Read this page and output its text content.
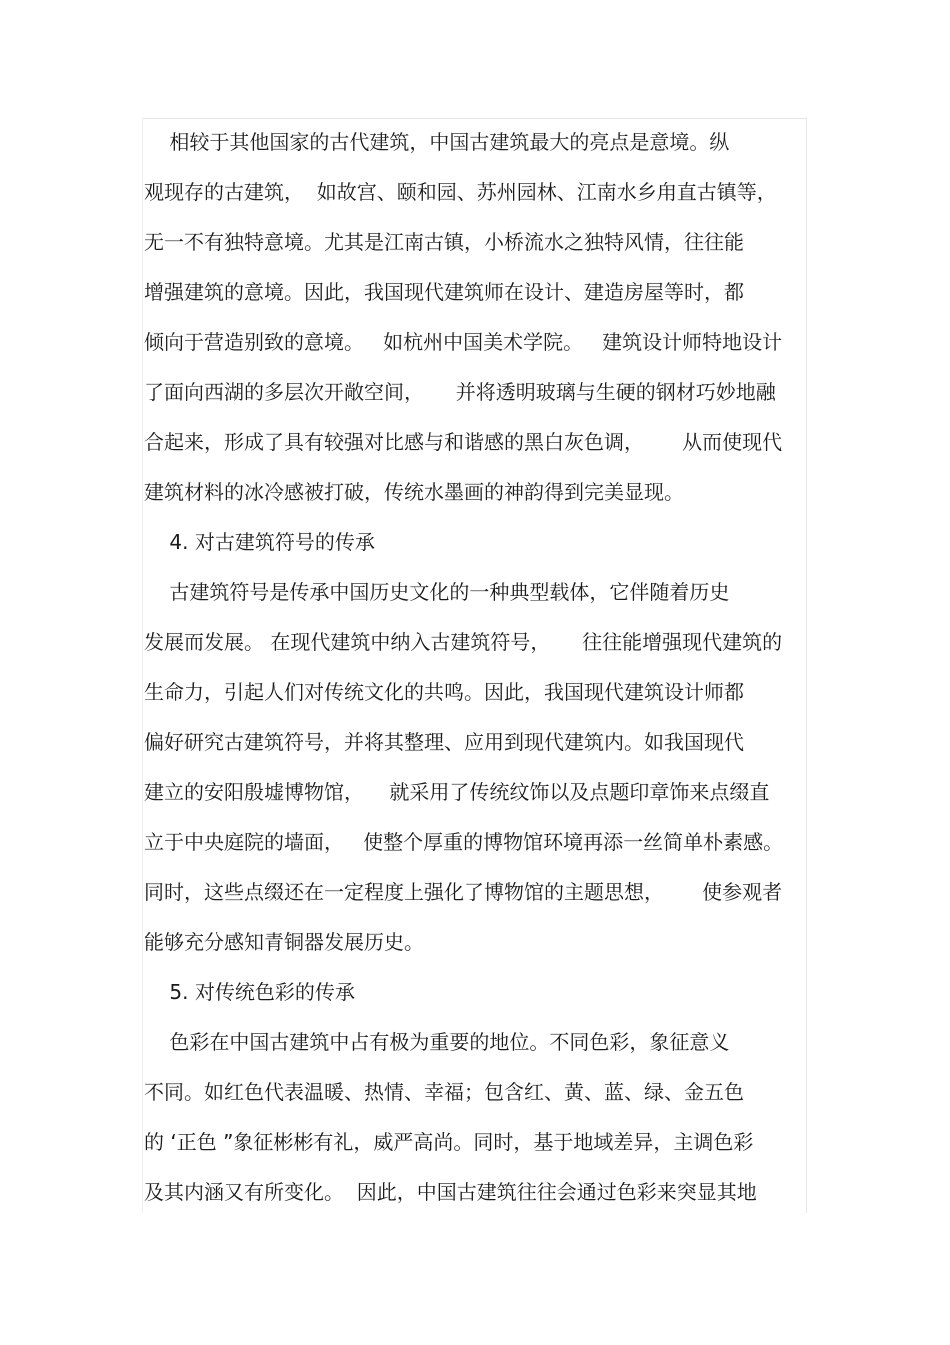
相较于其他国家的古代建筑，中国古建筑最大的亮点是意境。纵
观现存的古建筑，  如故宫、颐和园、苏州园林、江南水乡甪直古镇等，
无一不有独特意境。尤其是江南古镇，小桥流水之独特风情，往往能
增强建筑的意境。因此，我国现代建筑师在设计、建造房屋等时，都
倾向于营造别致的意境。   如杭州中国美术学院。   建筑设计师特地设计
了面向西湖的多层次开敞空间，     并将透明玻璃与生硬的钢材巧妙地融
合起来，形成了具有较强对比感与和谐感的黑白灰色调，      从而使现代
建筑材料的冰冷感被打破，传统水墨画的神韵得到完美显现。
4. 对古建筑符号的传承
古建筑符号是传承中国历史文化的一种典型载体，它伴随着历史
发展而发展。 在现代建筑中纳入古建筑符号，     往往能增强现代建筑的
生命力，引起人们对传统文化的共鸣。因此，我国现代建筑设计师都
偏好研究古建筑符号，并将其整理、应用到现代建筑内。如我国现代
建立的安阳殷墟博物馆，    就采用了传统纹饰以及点题印章饰来点缀直
立于中央庭院的墙面，   使整个厚重的博物馆环境再添一丝简单朴素感。
同时，这些点缀还在一定程度上强化了博物馆的主题思想，      使参观者
能够充分感知青铜器发展历史。
5. 对传统色彩的传承
色彩在中国古建筑中占有极为重要的地位。不同色彩，象征意义
不同。如红色代表温暖、热情、幸福；包含红、黄、蓝、绿、金五色
的 ‘正色 ”象征彬彬有礼，威严高尚。同时，基于地域差异，主调色彩
及其内涵又有所变化。  因此，中国古建筑往往会通过色彩来突显其地
